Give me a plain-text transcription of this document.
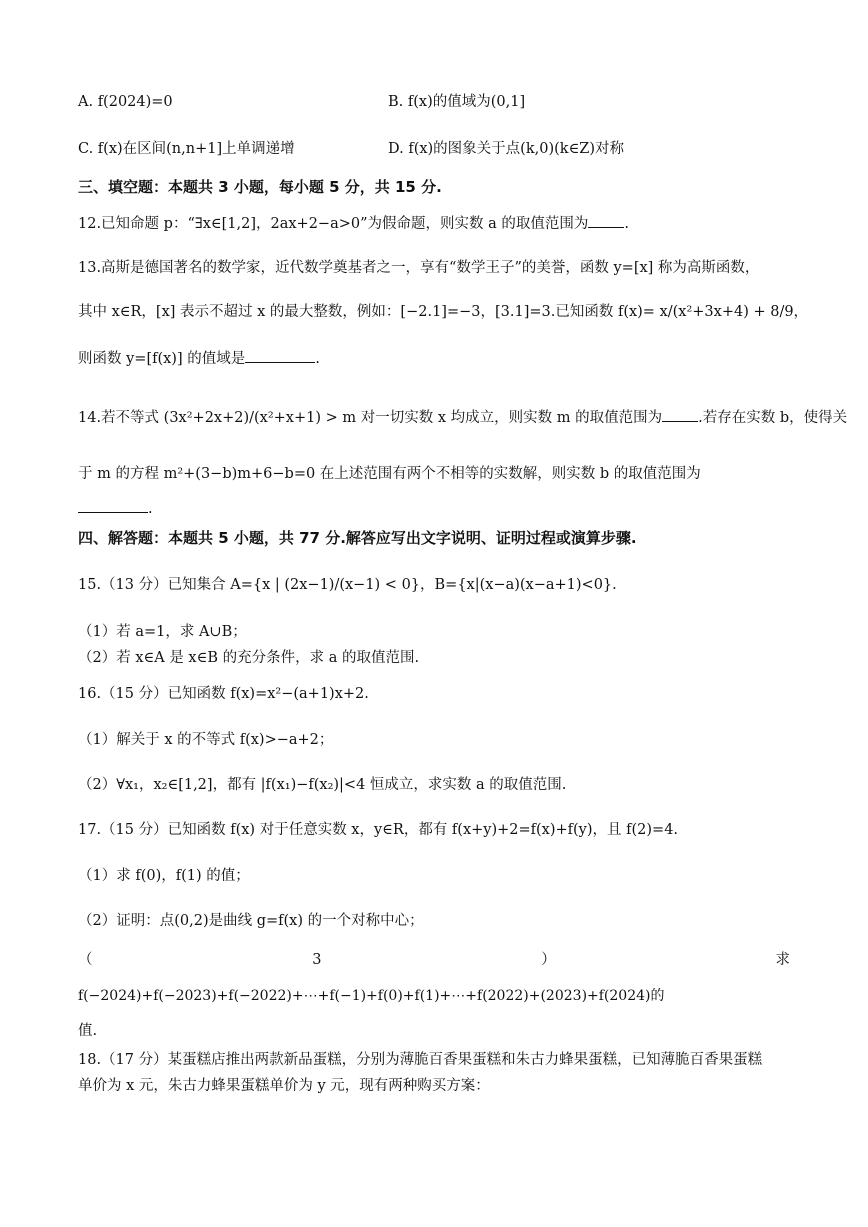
A. f(2024)=0	B. f(x)的值域为(0,1]
C. f(x)在区间(n,n+1]上单调递增	D. f(x)的图象关于点(k,0)(k∈Z)对称
三、填空题：本题共 3 小题，每小题 5 分，共 15 分.
12.已知命题 p：“∃x∈[1,2]，2ax+2−a>0”为假命题，则实数 a 的取值范围为 .
13.高斯是德国著名的数学家，近代数学奠基者之一，享有“数学王子”的美誉，函数 y=[x] 称为高斯函数，
其中 x∈R，[x] 表示不超过 x 的最大整数，例如：[−2.1]=−3，[3.1]=3.已知函数 f(x)= x/(x²+3x+4) + 8/9，
则函数 y=[f(x)] 的值域是	.
14.若不等式 (3x²+2x+2)/(x²+x+1) > m 对一切实数 x 均成立，则实数 m 的取值范围为 .若存在实数 b，使得关
于 m 的方程 m²+(3−b)m+6−b=0 在上述范围有两个不相等的实数解，则实数 b 的取值范围为
.
四、解答题：本题共 5 小题，共 77 分.解答应写出文字说明、证明过程或演算步骤.
15.（13 分）已知集合 A={x | (2x−1)/(x−1) < 0}，B={x|(x−a)(x−a+1)<0}.
（1）若 a=1，求 A∪B；
（2）若 x∈A 是 x∈B 的充分条件，求 a 的取值范围.
16.（15 分）已知函数 f(x)=x²−(a+1)x+2.
（1）解关于 x 的不等式 f(x)>−a+2；
（2）∀x₁，x₂∈[1,2]，都有 |f(x₁)−f(x₂)|<4 恒成立，求实数 a 的取值范围.
17.（15 分）已知函数 f(x) 对于任意实数 x，y∈R，都有 f(x+y)+2=f(x)+f(y)，且 f(2)=4.
（1）求 f(0)，f(1) 的值；
（2）证明：点(0,2)是曲线 g=f(x) 的一个对称中心；
（	3	）	求
f(−2024)+f(−2023)+f(−2022)+⋯+f(−1)+f(0)+f(1)+⋯+f(2022)+(2023)+f(2024)的
值.
18.（17 分）某蛋糕店推出两款新品蛋糕，分别为薄脆百香果蛋糕和朱古力蜂果蛋糕，已知薄脆百香果蛋糕
单价为 x 元，朱古力蜂果蛋糕单价为 y 元，现有两种购买方案：
